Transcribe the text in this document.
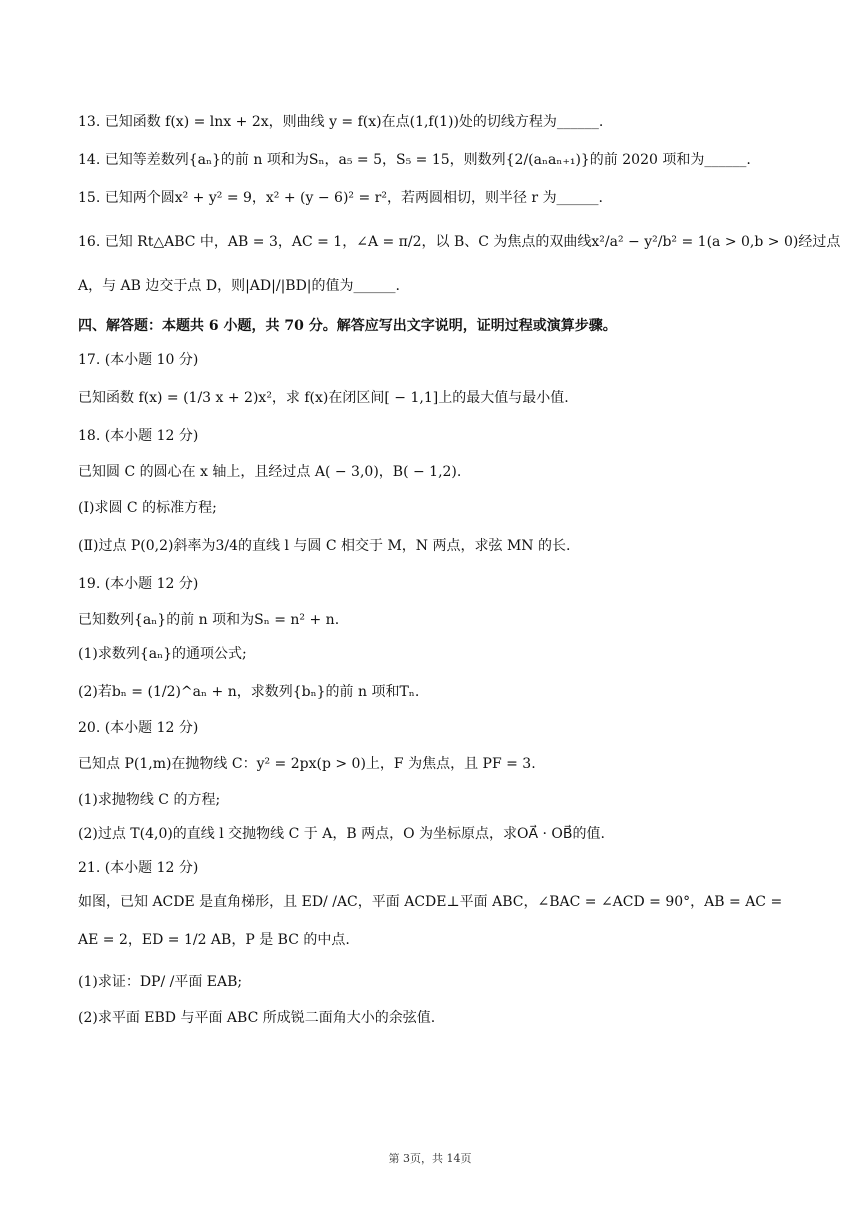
13. 已知函数 f(x) = lnx + 2x，则曲线 y = f(x)在点(1,f(1))处的切线方程为______.
14. 已知等差数列{aₙ}的前 n 项和为Sₙ，a₅ = 5，S₅ = 15，则数列{2/(aₙaₙ₊₁)}的前 2020 项和为______.
15. 已知两个圆x² + y² = 9，x² + (y − 6)² = r²，若两圆相切，则半径 r 为______.
16. 已知 Rt△ABC 中，AB = 3，AC = 1，∠A = π/2，以 B、C 为焦点的双曲线x²/a² − y²/b² = 1(a > 0,b > 0)经过点
A，与 AB 边交于点 D，则|AD|/|BD|的值为______.
四、解答题：本题共 6 小题，共 70 分。解答应写出文字说明，证明过程或演算步骤。
17. (本小题 10 分)
已知函数 f(x) = (1/3 x + 2)x²，求 f(x)在闭区间[ − 1,1]上的最大值与最小值.
18. (本小题 12 分)
已知圆 C 的圆心在 x 轴上，且经过点 A( − 3,0)，B( − 1,2).
(Ⅰ)求圆 C 的标准方程;
(Ⅱ)过点 P(0,2)斜率为3/4的直线 l 与圆 C 相交于 M，N 两点，求弦 MN 的长.
19. (本小题 12 分)
已知数列{aₙ}的前 n 项和为Sₙ = n² + n.
(1)求数列{aₙ}的通项公式;
(2)若bₙ = (1/2)^aₙ + n，求数列{bₙ}的前 n 项和Tₙ.
20. (本小题 12 分)
已知点 P(1,m)在抛物线 C：y² = 2px(p > 0)上，F 为焦点，且 PF = 3.
(1)求抛物线 C 的方程;
(2)过点 T(4,0)的直线 l 交抛物线 C 于 A，B 两点，O 为坐标原点，求OA⃗ · OB⃗的值.
21. (本小题 12 分)
如图，已知 ACDE 是直角梯形，且 ED/ /AC，平面 ACDE⊥平面 ABC，∠BAC = ∠ACD = 90°，AB = AC =
AE = 2，ED = 1/2 AB，P 是 BC 的中点.
(1)求证：DP/ /平面 EAB;
(2)求平面 EBD 与平面 ABC 所成锐二面角大小的余弦值.
第 3页，共 14页
